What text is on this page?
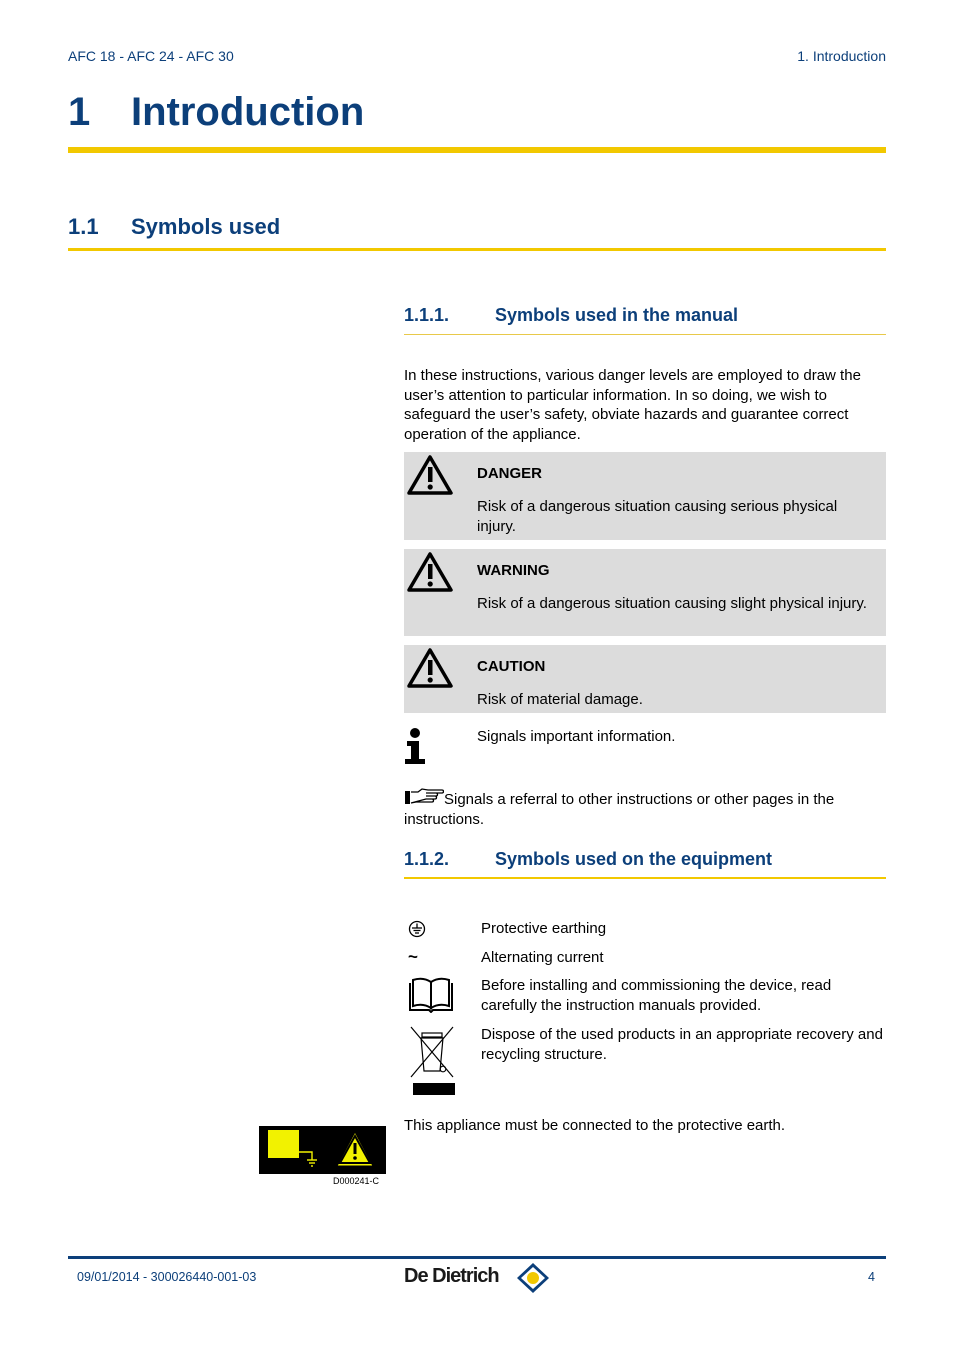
AFC 18 - AFC 24 - AFC 30	1. Introduction
1 Introduction
1.1 Symbols used
1.1.1.	Symbols used in the manual
In these instructions, various danger levels are employed to draw the user’s attention to particular information. In so doing, we wish to safeguard the user’s safety, obviate hazards and guarantee correct operation of the appliance.
DANGER
Risk of a dangerous situation causing serious physical injury.
WARNING
Risk of a dangerous situation causing slight physical injury.
CAUTION
Risk of material damage.
Signals important information.
Signals a referral to other instructions or other pages in the instructions.
1.1.2.	Symbols used on the equipment
Protective earthing
~	Alternating current
Before installing and commissioning the device, read carefully the instruction manuals provided.
Dispose of the used products in an appropriate recovery and recycling structure.
D000241-C
This appliance must be connected to the protective earth.
09/01/2014 - 300026440-001-03	De Dietrich	4
